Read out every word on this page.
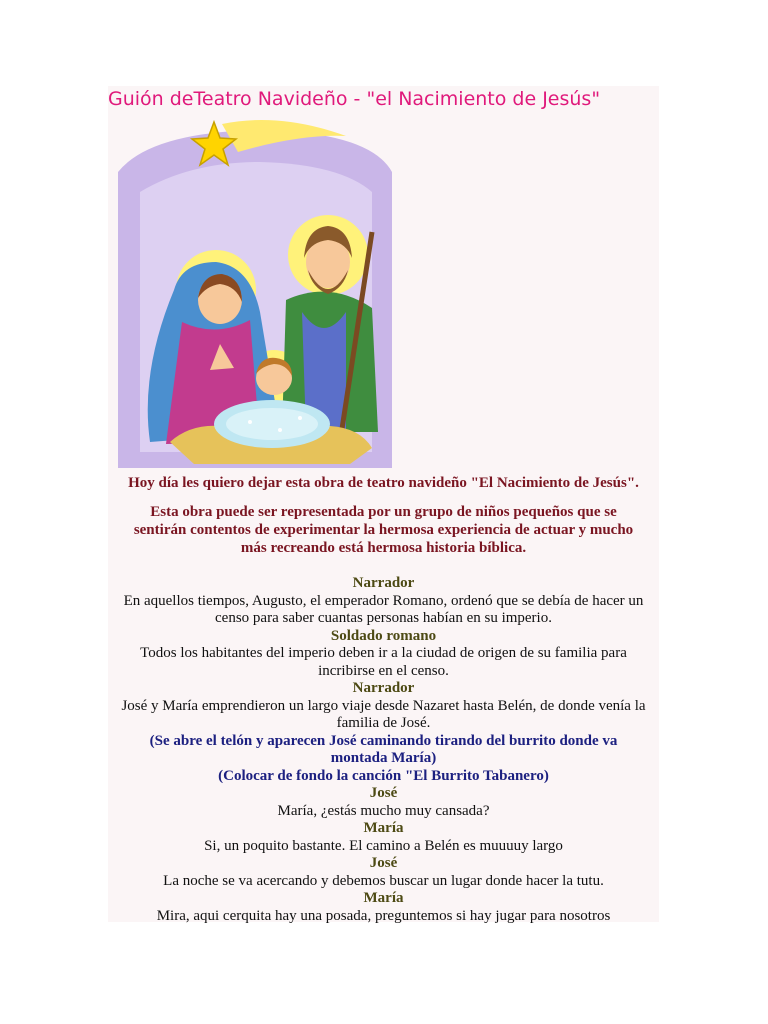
Guión deTeatro Navideño - "el Nacimiento de Jesús"

Hoy día les quiero dejar esta obra de teatro navideño "El Nacimiento de Jesús".

Esta obra puede ser representada por un grupo de niños pequeños que se sentirán contentos de experimentar la hermosa experiencia de actuar y mucho más recreando está hermosa historia bíblica.

Narrador

En aquellos tiempos, Augusto, el emperador Romano, ordenó que se debía de hacer un censo para saber cuantas personas habían en su imperio.

Soldado romano

Todos los habitantes del imperio deben ir a la ciudad de origen de su familia para incribirse en el censo.

Narrador

José y María emprendieron un largo viaje desde Nazaret hasta Belén, de donde venía la familia de José.

(Se abre el telón y aparecen José caminando tirando del burrito donde va montada María)

(Colocar de fondo la canción "El Burrito Tabanero)

José

María, ¿estás mucho muy cansada?

María

Si, un poquito bastante. El camino a Belén es muuuuy largo

José

La noche se va acercando y debemos buscar un lugar donde hacer la tutu.

María

Mira, aqui cerquita hay una posada, preguntemos si hay jugar para nosotros
